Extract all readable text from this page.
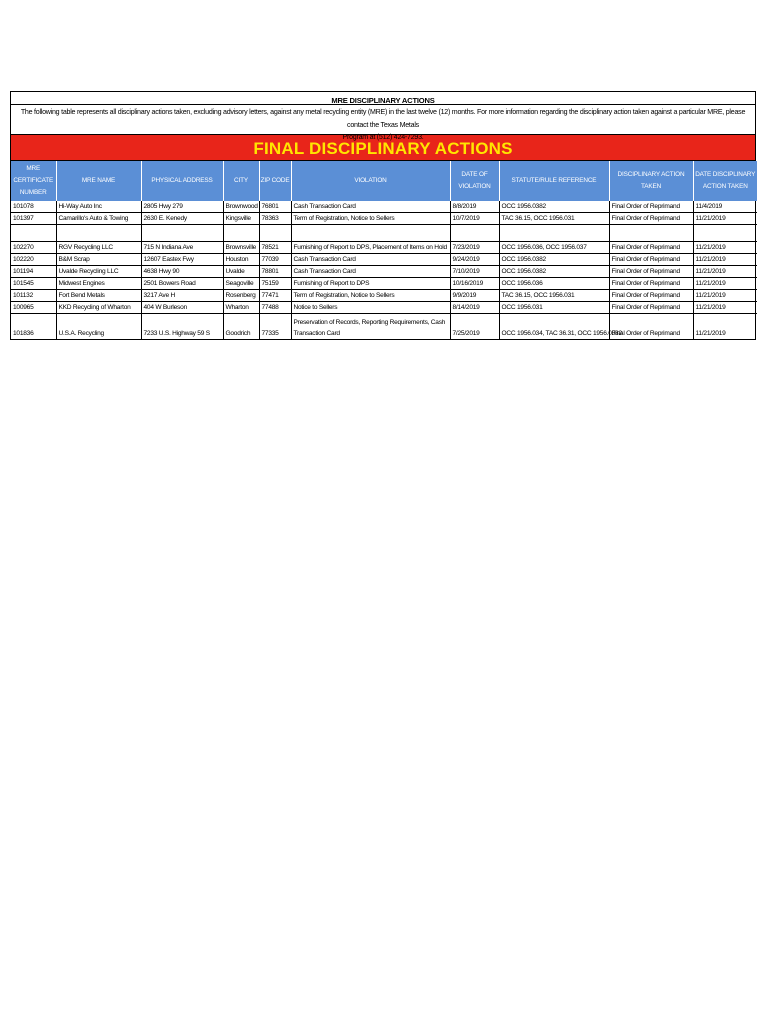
MRE DISCIPLINARY ACTIONS
The following table represents all disciplinary actions taken, excluding advisory letters, against any metal recycling entity (MRE) in the last twelve (12) months. For more information regarding the disciplinary action taken against a particular MRE, please contact the Texas Metals

FINAL DISCIPLINARY ACTIONS
MRE CERTIFICATE NUMBER	MRE NAME	PHYSICAL ADDRESS	CITY	ZIP CODE	VIOLATION	DATE OF VIOLATION	STATUTE/RULE REFERENCE	DISCIPLINARY ACTION TAKEN	DATE DISCIPLINARY ACTION TAKEN
101078	Hi-Way Auto Inc	2805 Hwy 279	Brownwood	76801	Cash Transaction Card	8/8/2019	OCC 1956.0382	Final Order of Reprimand	11/4/2019
101397	Camarillo's Auto & Towing	2630 E. Kenedy	Kingsville	78363	Term of Registration, Notice to Sellers	10/7/2019	TAC 36.15, OCC 1956.031	Final Order of Reprimand	11/21/2019

102270	RGV Recycling LLC	715 N Indiana Ave	Brownsville	78521	Furnishing of Report to DPS, Placement of Items on Hold	7/23/2019	OCC 1956.036, OCC 1956.037	Final Order of Reprimand	11/21/2019
102220	B&M Scrap	12607 Eastex Fwy	Houston	77039	Cash Transaction Card	9/24/2019	OCC 1956.0382	Final Order of Reprimand	11/21/2019
101194	Uvalde Recycling LLC	4638 Hwy 90	Uvalde	78801	Cash Transaction Card	7/10/2019	OCC 1956.0382	Final Order of Reprimand	11/21/2019
101545	Midwest Engines	2501 Bowers Road	Seagoville	75159	Furnishing of Report to DPS	10/16/2019	OCC 1956.036	Final Order of Reprimand	11/21/2019
101132	Fort Bend Metals	3217 Ave H	Rosenberg	77471	Term of Registration, Notice to Sellers	9/9/2019	TAC 36.15, OCC 1956.031	Final Order of Reprimand	11/21/2019
100965	KKD Recycling of Wharton	404 W Burleson	Wharton	77488	Notice to Sellers	8/14/2019	OCC 1956.031	Final Order of Reprimand	11/21/2019
101836	U.S.A. Recycling	7233 U.S. Highway 59 S	Goodrich	77335	Preservation of Records, Reporting Requirements, Cash Transaction Card	7/25/2019	OCC 1956.034, TAC 36.31, OCC 1956.0382	Final Order of Reprimand	11/21/2019
